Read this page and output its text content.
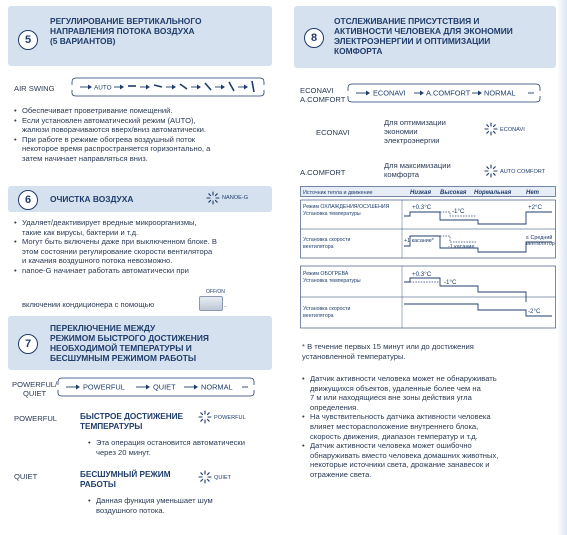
5
РЕГУЛИРОВАНИЕ ВЕРТИКАЛЬНОГО
НАПРАВЛЕНИЯ ПОТОКА ВОЗДУХА
(5 ВАРИАНТОВ)
AIR SWING	AUTO
• Обеспечивает проветривание помещений.
• Если установлен автоматический режим (AUTO),
жалюзи поворачиваются вверх/вниз автоматически.
• При работе в режиме обогрева воздушный поток
некоторое время распространяется горизонтально, а
затем начинает направляться вниз.
6	ОЧИСТКА ВОЗДУХА	NANOE-G
• Удаляет/деактивирует вредные микроорганизмы,
такие как вирусы, бактерии и т.д.
• Могут быть включены даже при выключенном блоке. В
этом состоянии регулирование скорости вентилятора
и качания воздушного потока невозможно.
• nanoe-G начинает работать автоматически при
OFF/ON
включении кондиционера с помощью	.
7
ПЕРЕКЛЮЧЕНИЕ МЕЖДУ
РЕЖИМОМ БЫСТРОГО ДОСТИЖЕНИЯ
НЕОБХОДИМОЙ ТЕМПЕРАТУРЫ И
БЕСШУМНЫМ РЕЖИМОМ РАБОТЫ
POWERFUL/
QUIET
POWERFUL	QUIET	NORMAL
POWERFUL	БЫСТРОЕ ДОСТИЖЕНИЕ
ТЕМПЕРАТУРЫ
POWERFUL
• Эта операция остановится автоматически
через 20 минут.
QUIET	БЕСШУМНЫЙ РЕЖИМ
РАБОТЫ
QUIET
• Данная функция уменьшает шум
воздушного потока.
8
ОТСЛЕЖИВАНИЕ ПРИСУТСТВИЯ И
АКТИВНОСТИ ЧЕЛОВЕКА ДЛЯ ЭКОНОМИИ
ЭЛЕКТРОЭНЕРГИИ И ОПТИМИЗАЦИИ
КОМФОРТА
ECONAVI
A.COMFORT
ECONAVI	A.COMFORT NORMAL
ECONAVI
Для оптимизации
экономии
электроэнергии
ECONAVI
A.COMFORT
Для максимизации
комфорта	AUTO COMFORT
Источник тепла и движение	Низкая Высокая Нормальная Нет
Режим ОХЛАЖДЕНИЯ/ОСУШЕНИЯ
Установка температуры
Установка скорости
вентилятора
+0.3°C
-1°C
+2°C
+1 касание*
-1 касание
≤ Средний
вентилятор
Режим ОБОГРЕВА
Установка температуры
Установка скорости
вентилятора
+0.3°C
-1°C
-2°C
* В течение первых 15 минут или до достижения
установленной температуры.
• Датчик активности человека может не обнаруживать
движущихся объектов, удаленные более чем на
7 м или находящиеся вне зоны действия угла
определения.
• На чувствительность датчика активности человека
влияет месторасположение внутреннего блока,
скорость движения, диапазон температур и т.д.
• Датчик активности человека может ошибочно
обнаруживать вместо человека домашних животных,
некоторые источники света, дрожание занавесок и
отражение света.
